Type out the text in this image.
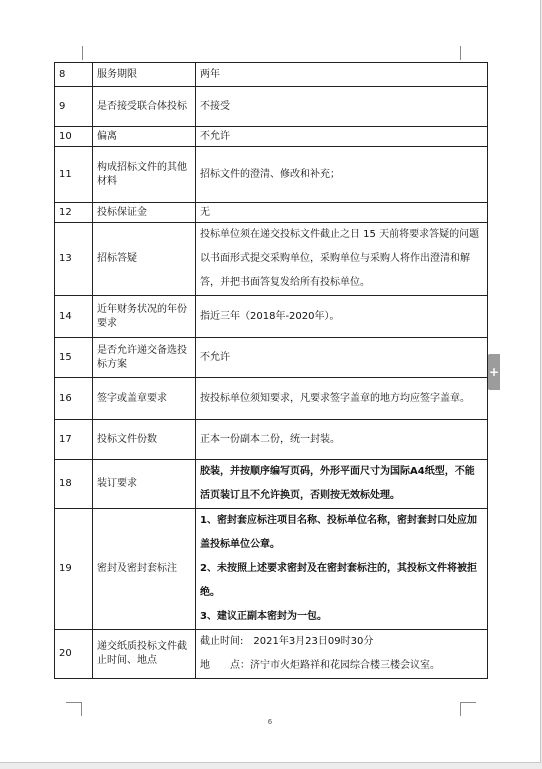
8	服务期限	两年

9	是否接受联合体投标	不接受

10	偏离	不允许

11	构成招标文件的其他材料	招标文件的澄清、修改和补充；

12	投标保证金	无

13	招标答疑	投标单位须在递交投标文件截止之日 15 天前将要求答疑的问题以书面形式提交采购单位，采购单位与采购人将作出澄清和解答，并把书面答复发给所有投标单位。

14	近年财务状况的年份要求	指近三年（2018年-2020年）。

15	是否允许递交备选投标方案	不允许

16	签字或盖章要求	按投标单位须知要求，凡要求签字盖章的地方均应签字盖章。

17	投标文件份数	正本一份副本二份，统一封装。

18	装订要求	胶装，并按顺序编写页码，外形平面尺寸为国际A4纸型，不能活页装订且不允许换页，否则按无效标处理。

19	密封及密封套标注	1、密封套应标注项目名称、投标单位名称，密封套封口处应加盖投标单位公章。
2、未按照上述要求密封及在密封套标注的，其投标文件将被拒绝。
3、建议正副本密封为一包。

20	递交纸质投标文件截止时间、地点	截止时间:　2021年3月23日09时30分
地　　点：济宁市火炬路祥和花园综合楼三楼会议室。
6
+
